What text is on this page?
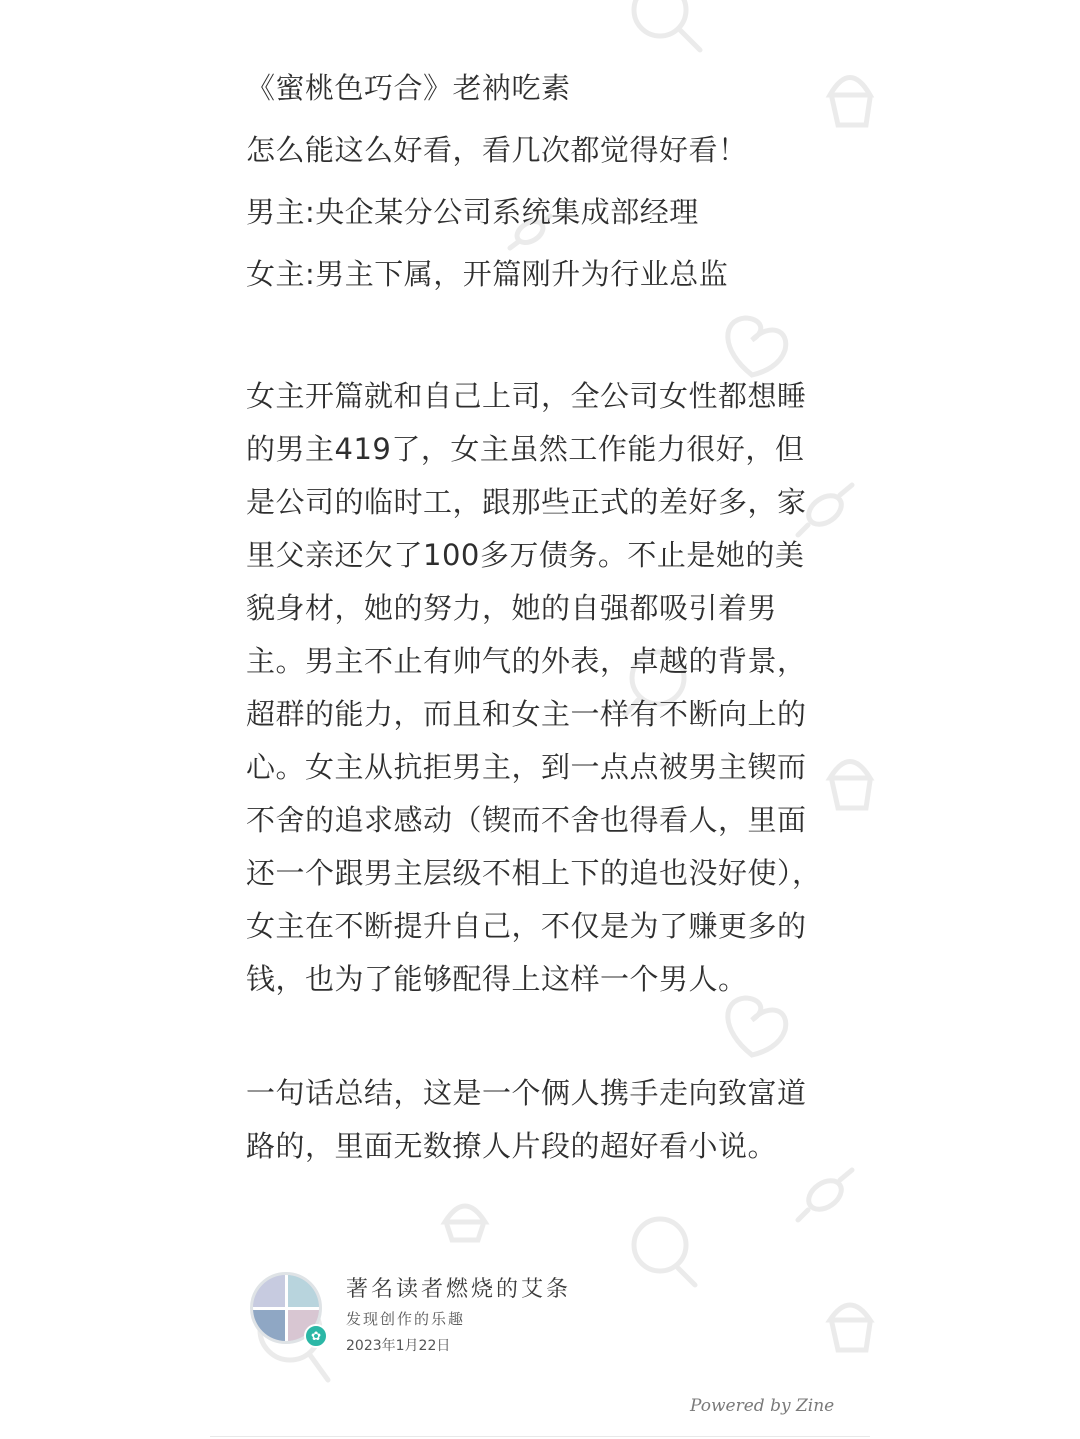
《蜜桃色巧合》老衲吃素
怎么能这么好看，看几次都觉得好看！
男主:央企某分公司系统集成部经理
女主:男主下属，开篇刚升为行业总监

女主开篇就和自己上司，全公司女性都想睡的男主419了，女主虽然工作能力很好，但是公司的临时工，跟那些正式的差好多，家里父亲还欠了100多万债务。不止是她的美貌身材，她的努力，她的自强都吸引着男主。男主不止有帅气的外表，卓越的背景，超群的能力，而且和女主一样有不断向上的心。女主从抗拒男主，到一点点被男主锲而不舍的追求感动（锲而不舍也得看人，里面还一个跟男主层级不相上下的追也没好使），女主在不断提升自己，不仅是为了赚更多的钱，也为了能够配得上这样一个男人。

一句话总结，这是一个俩人携手走向致富道路的，里面无数撩人片段的超好看小说。

✿
著名读者燃烧的艾条
发现创作的乐趣
2023年1月22日
Powered by Zine
